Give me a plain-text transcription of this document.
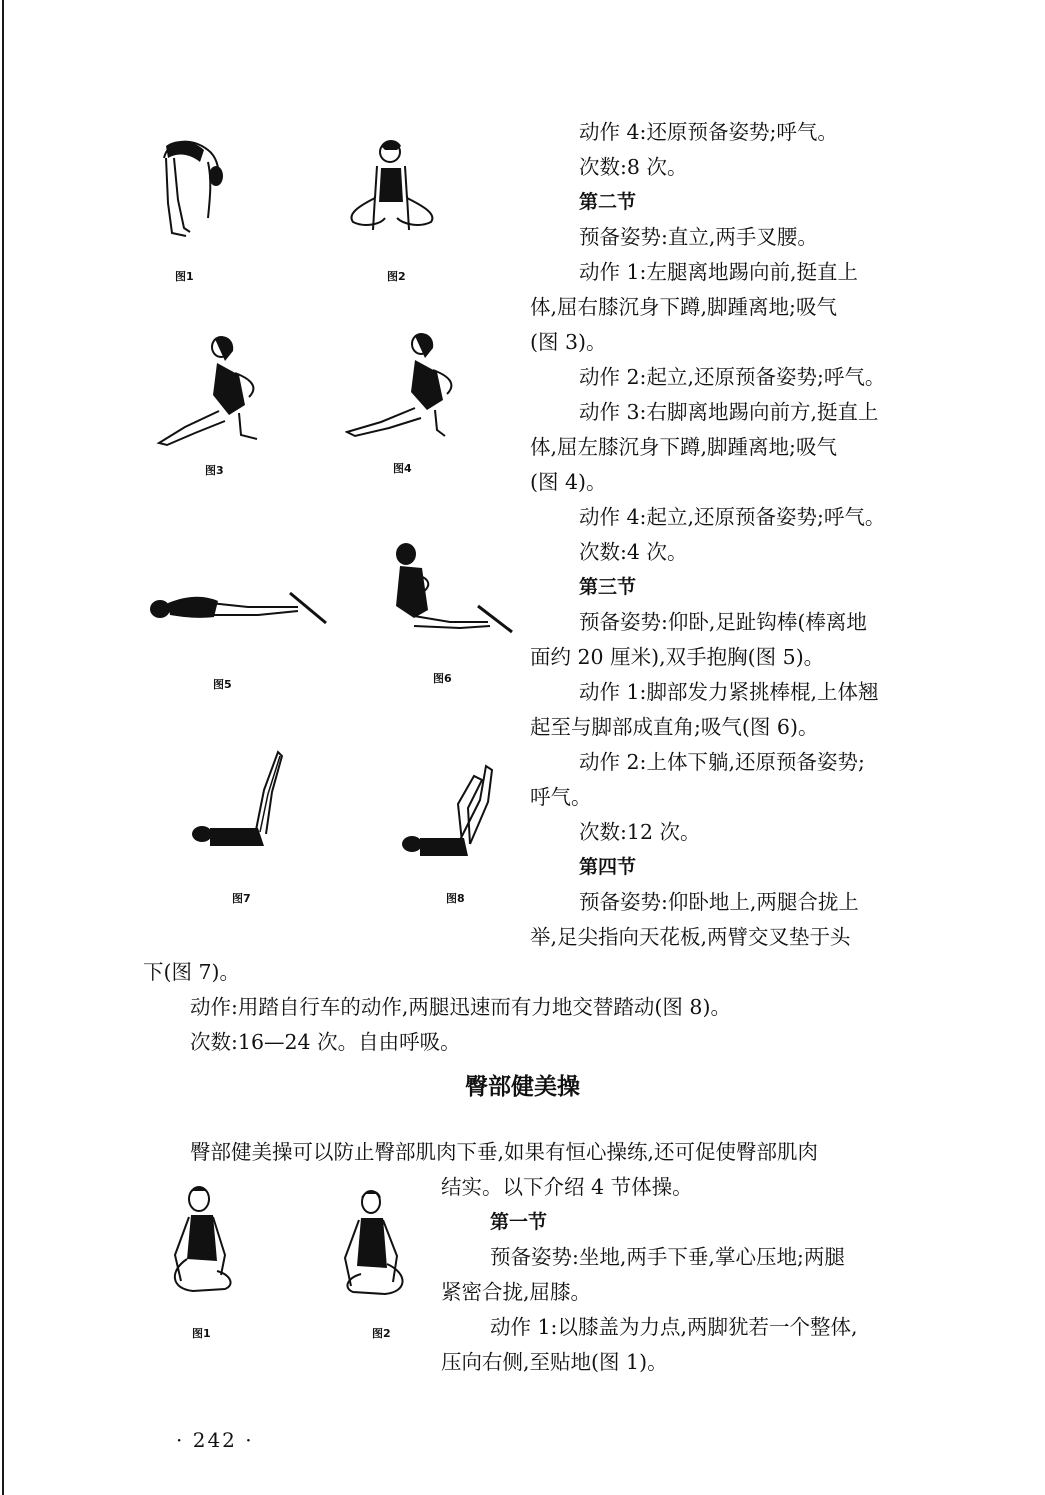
动作 4:还原预备姿势;呼气。
次数:8 次。
第二节
预备姿势:直立,两手叉腰。
动作 1:左腿离地踢向前,挺直上
体,屈右膝沉身下蹲,脚踵离地;吸气
(图 3)。
动作 2:起立,还原预备姿势;呼气。
动作 3:右脚离地踢向前方,挺直上
体,屈左膝沉身下蹲,脚踵离地;吸气
(图 4)。
动作 4:起立,还原预备姿势;呼气。
次数:4 次。
第三节
预备姿势:仰卧,足趾钩棒(棒离地
面约 20 厘米),双手抱胸(图 5)。
动作 1:脚部发力紧挑棒棍,上体翘
起至与脚部成直角;吸气(图 6)。
动作 2:上体下躺,还原预备姿势;
呼气。
次数:12 次。
第四节
预备姿势:仰卧地上,两腿合拢上
举,足尖指向天花板,两臂交叉垫于头
下(图 7)。
动作:用踏自行车的动作,两腿迅速而有力地交替踏动(图 8)。
次数:16—24 次。自由呼吸。
臀部健美操
臀部健美操可以防止臀部肌肉下垂,如果有恒心操练,还可促使臀部肌肉
结实。以下介绍 4 节体操。
第一节
预备姿势:坐地,两手下垂,掌心压地;两腿
紧密合拢,屈膝。
动作 1:以膝盖为力点,两脚犹若一个整体,
压向右侧,至贴地(图 1)。
图1	图2
图3	图4
图5	图6
图7	图8
图1	图2
· 242 ·
